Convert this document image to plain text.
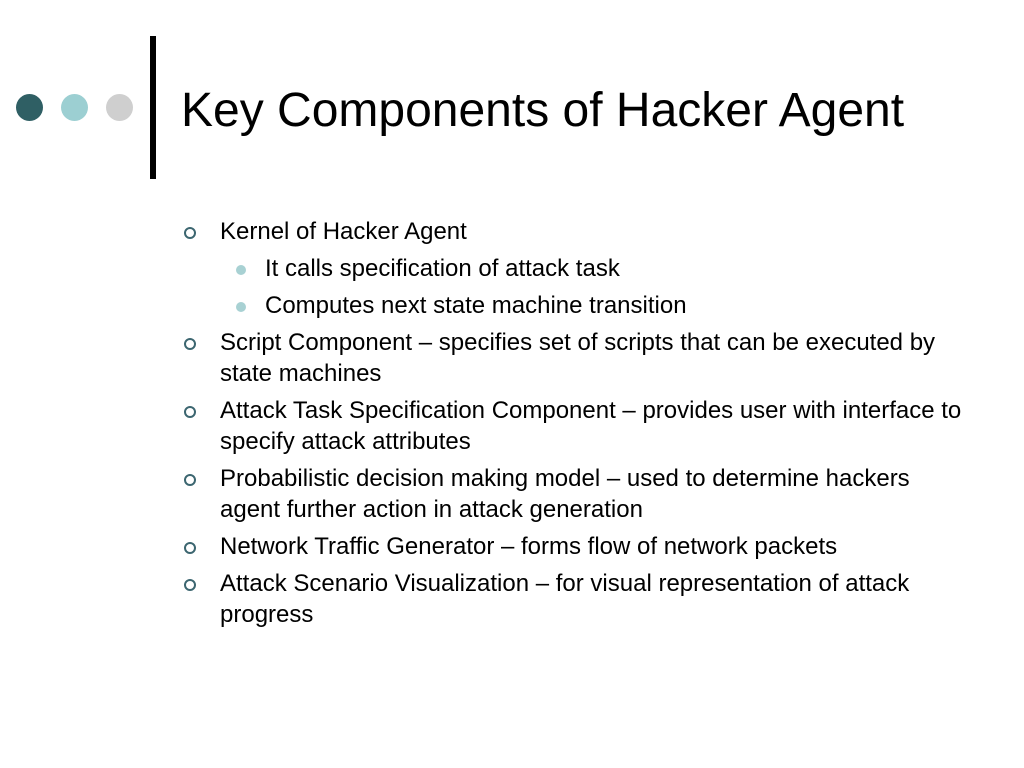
Key Components of Hacker Agent
Kernel of Hacker Agent
It calls specification of attack task
Computes next state machine transition
Script Component – specifies set of scripts that can be executed by state machines
Attack Task Specification Component – provides user with interface to specify attack attributes
Probabilistic decision making model – used to determine hackers agent further action in attack generation
Network Traffic Generator – forms flow of network packets
Attack Scenario Visualization – for visual representation of attack progress
